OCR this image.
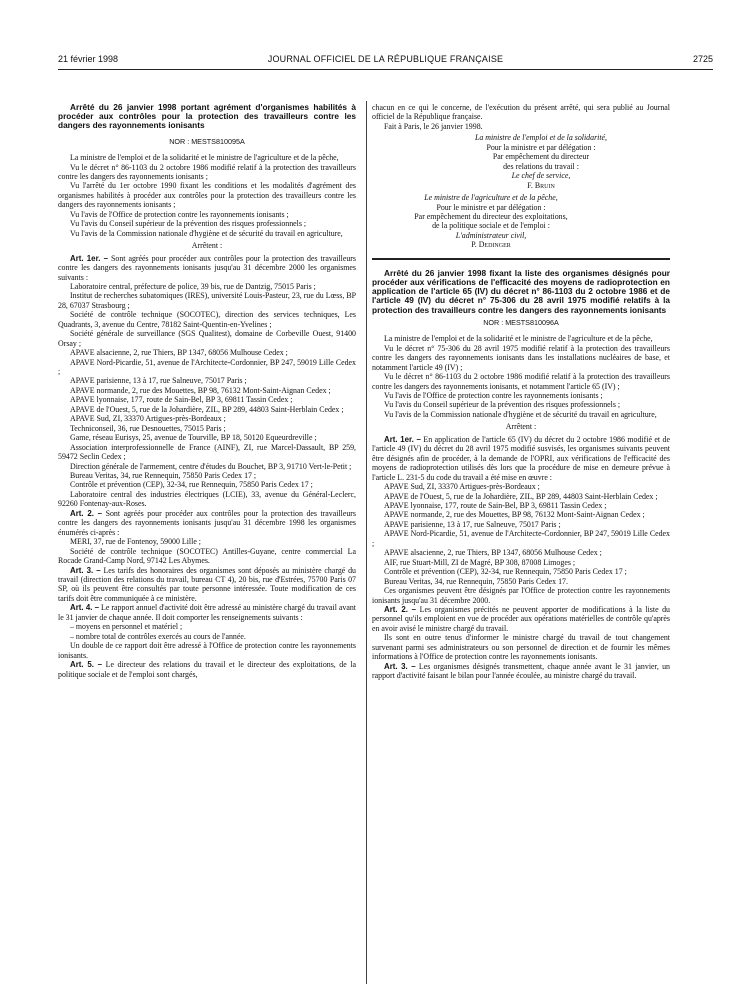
21 février 1998	JOURNAL OFFICIEL DE LA RÉPUBLIQUE FRANÇAISE	2725

Arrêté du 26 janvier 1998 portant agrément d'organismes habilités à procéder aux contrôles pour la protection des travailleurs contre les dangers des rayonnements ionisants

NOR : MESTS810095A

La ministre de l'emploi et de la solidarité et le ministre de l'agriculture et de la pêche,

Vu le décret n° 86-1103 du 2 octobre 1986 modifié relatif à la protection des travailleurs contre les dangers des rayonnements ionisants ;

Vu l'arrêté du 1er octobre 1990 fixant les conditions et les modalités d'agrément des organismes habilités à procéder aux contrôles pour la protection des travailleurs contre les dangers des rayonnements ionisants ;

Vu l'avis de l'Office de protection contre les rayonnements ionisants ;

Vu l'avis du Conseil supérieur de la prévention des risques professionnels ;

Vu l'avis de la Commission nationale d'hygiène et de sécurité du travail en agriculture,

Arrêtent :

Art. 1er. – Sont agréés pour procéder aux contrôles pour la protection des travailleurs contre les dangers des rayonnements ionisants jusqu'au 31 décembre 2000 les organismes suivants :

Laboratoire central, préfecture de police, 39 bis, rue de Dantzig, 75015 Paris ;

Institut de recherches subatomiques (IRES), université Louis-Pasteur, 23, rue du Lœss, BP 28, 67037 Strasbourg ;

Société de contrôle technique (SOCOTEC), direction des services techniques, Les Quadrants, 3, avenue du Centre, 78182 Saint-Quentin-en-Yvelines ;

Société générale de surveillance (SGS Qualitest), domaine de Corbeville Ouest, 91400 Orsay ;

APAVE alsacienne, 2, rue Thiers, BP 1347, 68056 Mulhouse Cedex ;

APAVE Nord-Picardie, 51, avenue de l'Architecte-Cordonnier, BP 247, 59019 Lille Cedex ;

APAVE parisienne, 13 à 17, rue Salneuve, 75017 Paris ;

APAVE normande, 2, rue des Mouettes, BP 98, 76132 Mont-Saint-Aignan Cedex ;

APAVE lyonnaise, 177, route de Sain-Bel, BP 3, 69811 Tassin Cedex ;

APAVE de l'Ouest, 5, rue de la Johardière, ZIL, BP 289, 44803 Saint-Herblain Cedex ;

APAVE Sud, ZI, 33370 Artigues-près-Bordeaux ;

Techniconseil, 36, rue Desnouettes, 75015 Paris ;

Game, réseau Eurisys, 25, avenue de Tourville, BP 18, 50120 Equeurdreville ;

Association interprofessionnelle de France (AINF), ZI, rue Marcel-Dassault, BP 259, 59472 Seclin Cedex ;

Direction générale de l'armement, centre d'études du Bouchet, BP 3, 91710 Vert-le-Petit ;

Bureau Veritas, 34, rue Rennequin, 75850 Paris Cedex 17 ;

Contrôle et prévention (CEP), 32-34, rue Rennequin, 75850 Paris Cedex 17 ;

Laboratoire central des industries électriques (LCIE), 33, avenue du Général-Leclerc, 92260 Fontenay-aux-Roses.

Art. 2. – Sont agréés pour procéder aux contrôles pour la protection des travailleurs contre les dangers des rayonnements ionisants jusqu'au 31 décembre 1998 les organismes énumérés ci-après :

MERI, 37, rue de Fontenoy, 59000 Lille ;

Société de contrôle technique (SOCOTEC) Antilles-Guyane, centre commercial La Rocade Grand-Camp Nord, 97142 Les Abymes.

Art. 3. – Les tarifs des honoraires des organismes sont déposés au ministère chargé du travail (direction des relations du travail, bureau CT 4), 20 bis, rue d'Estrées, 75700 Paris 07 SP, où ils peuvent être consultés par toute personne intéressée. Toute modification de ces tarifs doit être communiquée à ce ministère.

Art. 4. – Le rapport annuel d'activité doit être adressé au ministère chargé du travail avant le 31 janvier de chaque année. Il doit comporter les renseignements suivants :

– moyens en personnel et matériel ;

– nombre total de contrôles exercés au cours de l'année.

Un double de ce rapport doit être adressé à l'Office de protection contre les rayonnements ionisants.

Art. 5. – Le directeur des relations du travail et le directeur des exploitations, de la politique sociale et de l'emploi sont chargés,

chacun en ce qui le concerne, de l'exécution du présent arrêté, qui sera publié au Journal officiel de la République française.

Fait à Paris, le 26 janvier 1998.

La ministre de l'emploi et de la solidarité,
Pour la ministre et par délégation :
Par empêchement du directeur
des relations du travail :
Le chef de service,
F. Bruin
Le ministre de l'agriculture et de la pêche,
Pour le ministre et par délégation :
Par empêchement du directeur des exploitations,
de la politique sociale et de l'emploi :
L'administrateur civil,
P. Dedinger

Arrêté du 26 janvier 1998 fixant la liste des organismes désignés pour procéder aux vérifications de l'efficacité des moyens de radioprotection en application de l'article 65 (IV) du décret n° 86-1103 du 2 octobre 1986 et de l'article 49 (IV) du décret n° 75-306 du 28 avril 1975 modifié relatifs à la protection des travailleurs contre les dangers des rayonnements ionisants

NOR : MESTS810096A

La ministre de l'emploi et de la solidarité et le ministre de l'agriculture et de la pêche,

Vu le décret n° 75-306 du 28 avril 1975 modifié relatif à la protection des travailleurs contre les dangers des rayonnements ionisants dans les installations nucléaires de base, et notamment l'article 49 (IV) ;

Vu le décret n° 86-1103 du 2 octobre 1986 modifié relatif à la protection des travailleurs contre les dangers des rayonnements ionisants, et notamment l'article 65 (IV) ;

Vu l'avis de l'Office de protection contre les rayonnements ionisants ;

Vu l'avis du Conseil supérieur de la prévention des risques professionnels ;

Vu l'avis de la Commission nationale d'hygiène et de sécurité du travail en agriculture,

Arrêtent :

Art. 1er. – En application de l'article 65 (IV) du décret du 2 octobre 1986 modifié et de l'article 49 (IV) du décret du 28 avril 1975 modifié susvisés, les organismes suivants peuvent être désignés afin de procéder, à la demande de l'OPRI, aux vérifications de l'efficacité des moyens de radioprotection utilisés dès lors que la procédure de mise en demeure prévue à l'article L. 231-5 du code du travail a été mise en œuvre :

APAVE Sud, ZI, 33370 Artigues-près-Bordeaux ;

APAVE de l'Ouest, 5, rue de la Johardière, ZIL, BP 289, 44803 Saint-Herblain Cedex ;

APAVE lyonnaise, 177, route de Sain-Bel, BP 3, 69811 Tassin Cedex ;

APAVE normande, 2, rue des Mouettes, BP 98, 76132 Mont-Saint-Aignan Cedex ;

APAVE parisienne, 13 à 17, rue Salneuve, 75017 Paris ;

APAVE Nord-Picardie, 51, avenue de l'Architecte-Cordonnier, BP 247, 59019 Lille Cedex ;

APAVE alsacienne, 2, rue Thiers, BP 1347, 68056 Mulhouse Cedex ;

AIF, rue Stuart-Mill, ZI de Magré, BP 308, 87008 Limoges ;

Contrôle et prévention (CEP), 32-34, rue Rennequin, 75850 Paris Cedex 17 ;

Bureau Veritas, 34, rue Rennequin, 75850 Paris Cedex 17.

Ces organismes peuvent être désignés par l'Office de protection contre les rayonnements ionisants jusqu'au 31 décembre 2000.

Art. 2. – Les organismes précités ne peuvent apporter de modifications à la liste du personnel qu'ils emploient en vue de procéder aux opérations matérielles de contrôle qu'après en avoir avisé le ministre chargé du travail.

Ils sont en outre tenus d'informer le ministre chargé du travail de tout changement survenant parmi ses administrateurs ou son personnel de direction et de fournir les mêmes informations à l'Office de protection contre les rayonnements ionisants.

Art. 3. – Les organismes désignés transmettent, chaque année avant le 31 janvier, un rapport d'activité faisant le bilan pour l'année écoulée, au ministre chargé du travail.
